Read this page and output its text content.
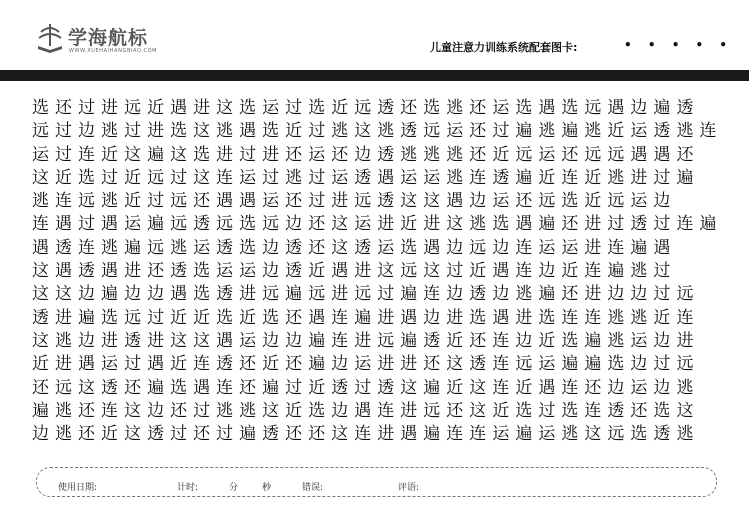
学海航标
WWW.XUEHAIHANGBIAO.COM	儿童注意力训练系统配套图卡:	• • • • •
选 还 过 进 远 近 遇 进 这 选 运 过 选 近 远 透 还 选 逃 还 运 选 遇 选 远 遇 边 遍 透
远 过 边 逃 过 进 选 这 逃 遇 选 近 过 逃 这 逃 透 远 运 还 过 遍 逃 遍 逃 近 运 透 逃 连
运 过 连 近 这 遍 这 选 进 过 进 还 运 还 边 透 逃 逃 逃 还 近 远 运 还 远 远 遇 遇 还
这 近 选 过 近 远 过 这 连 运 过 逃 过 运 透 遇 运 运 逃 连 透 遍 近 连 近 逃 进 过 遍
逃 连 远 逃 近 过 远 还 遇 遇 运 还 过 进 远 透 这 这 遇 边 运 还 远 选 近 远 运 边
连 遇 过 遇 运 遍 远 透 远 选 远 边 还 这 运 进 近 进 这 逃 选 遇 遍 还 进 过 透 过 连 遍
遇 透 连 逃 遍 远 逃 运 透 选 边 透 还 这 透 运 选 遇 边 远 边 连 运 运 进 连 遍 遇
这 遇 透 遇 进 还 透 选 运 运 边 透 近 遇 进 这 远 这 过 近 遇 连 边 近 连 遍 逃 过
这 这 边 遍 边 边 遇 选 透 进 远 遍 远 进 远 过 遍 连 边 透 边 逃 遍 还 进 边 边 过 远
透 进 遍 选 远 过 近 近 选 近 选 还 遇 连 遍 进 遇 边 进 选 遇 进 选 连 连 逃 逃 近 连
这 逃 边 进 透 进 这 这 遇 运 边 边 遍 连 进 远 遍 透 近 还 连 边 近 选 遍 逃 运 边 进
近 进 遇 运 过 遇 近 连 透 还 近 还 遍 边 运 进 进 还 这 透 连 远 运 遍 遍 选 边 过 远
还 远 这 透 还 遍 选 遇 连 还 遍 过 近 透 过 透 这 遍 近 这 连 近 遇 连 还 边 运 边 逃
遍 逃 还 连 这 边 还 过 逃 逃 这 近 选 边 遇 连 进 远 还 这 近 选 过 选 连 透 还 选 这
边 逃 还 近 这 透 过 还 过 遍 透 还 还 这 连 进 遇 遍 连 连 运 遍 运 逃 这 远 选 透 逃
使用日期:	计时:	分	秒	错误:	评语:
